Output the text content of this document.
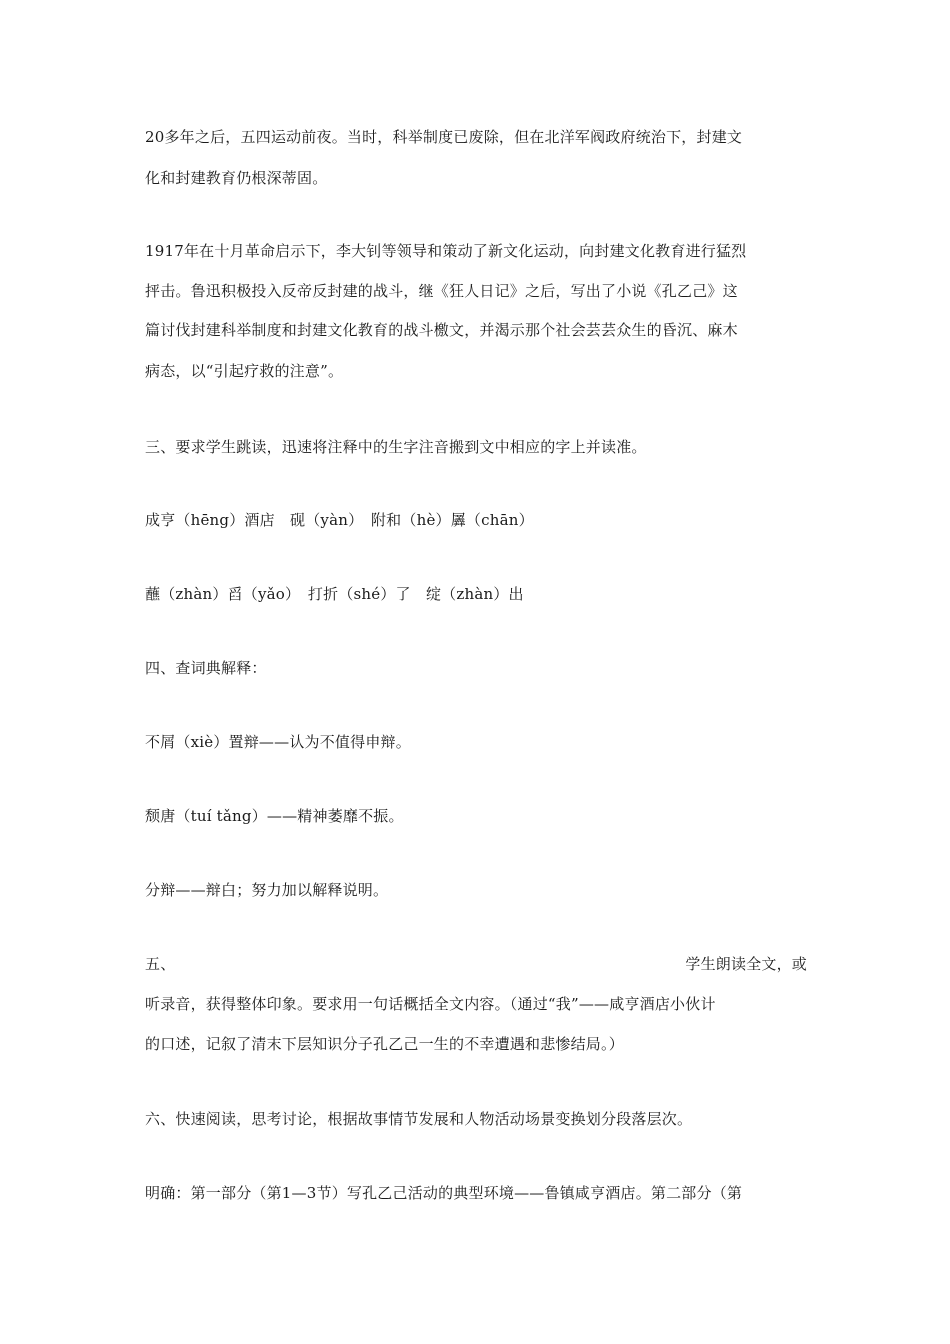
20多年之后，五四运动前夜。当时，科举制度已废除，但在北洋军阀政府统治下，封建文
化和封建教育仍根深蒂固。
1917年在十月革命启示下，李大钊等领导和策动了新文化运动，向封建文化教育进行猛烈
抨击。鲁迅积极投入反帝反封建的战斗，继《狂人日记》之后，写出了小说《孔乙己》这
篇讨伐封建科举制度和封建文化教育的战斗檄文，并渴示那个社会芸芸众生的昏沉、麻木
病态，以“引起疗救的注意”。
三、要求学生跳读，迅速将注释中的生字注音搬到文中相应的字上并读准。
成亨（hēng）酒店　砚（yàn）　附和（hè）羼（chān）
蘸（zhàn）舀（yǎo）　打折（shé）了　绽（zhàn）出
四、查词典解释：
不屑（xiè）置辩——认为不值得申辩。
颓唐（tuí tǎng）——精神萎靡不振。
分辩——辩白；努力加以解释说明。
五、	学生朗读全文，或
听录音，获得整体印象。要求用一句话概括全文内容。（通过“我”——咸亨酒店小伙计
的口述，记叙了清末下层知识分子孔乙己一生的不幸遭遇和悲惨结局。）
六、快速阅读，思考讨论，根据故事情节发展和人物活动场景变换划分段落层次。
明确：第一部分（第1—3节）写孔乙己活动的典型环境——鲁镇咸亨酒店。第二部分（第
